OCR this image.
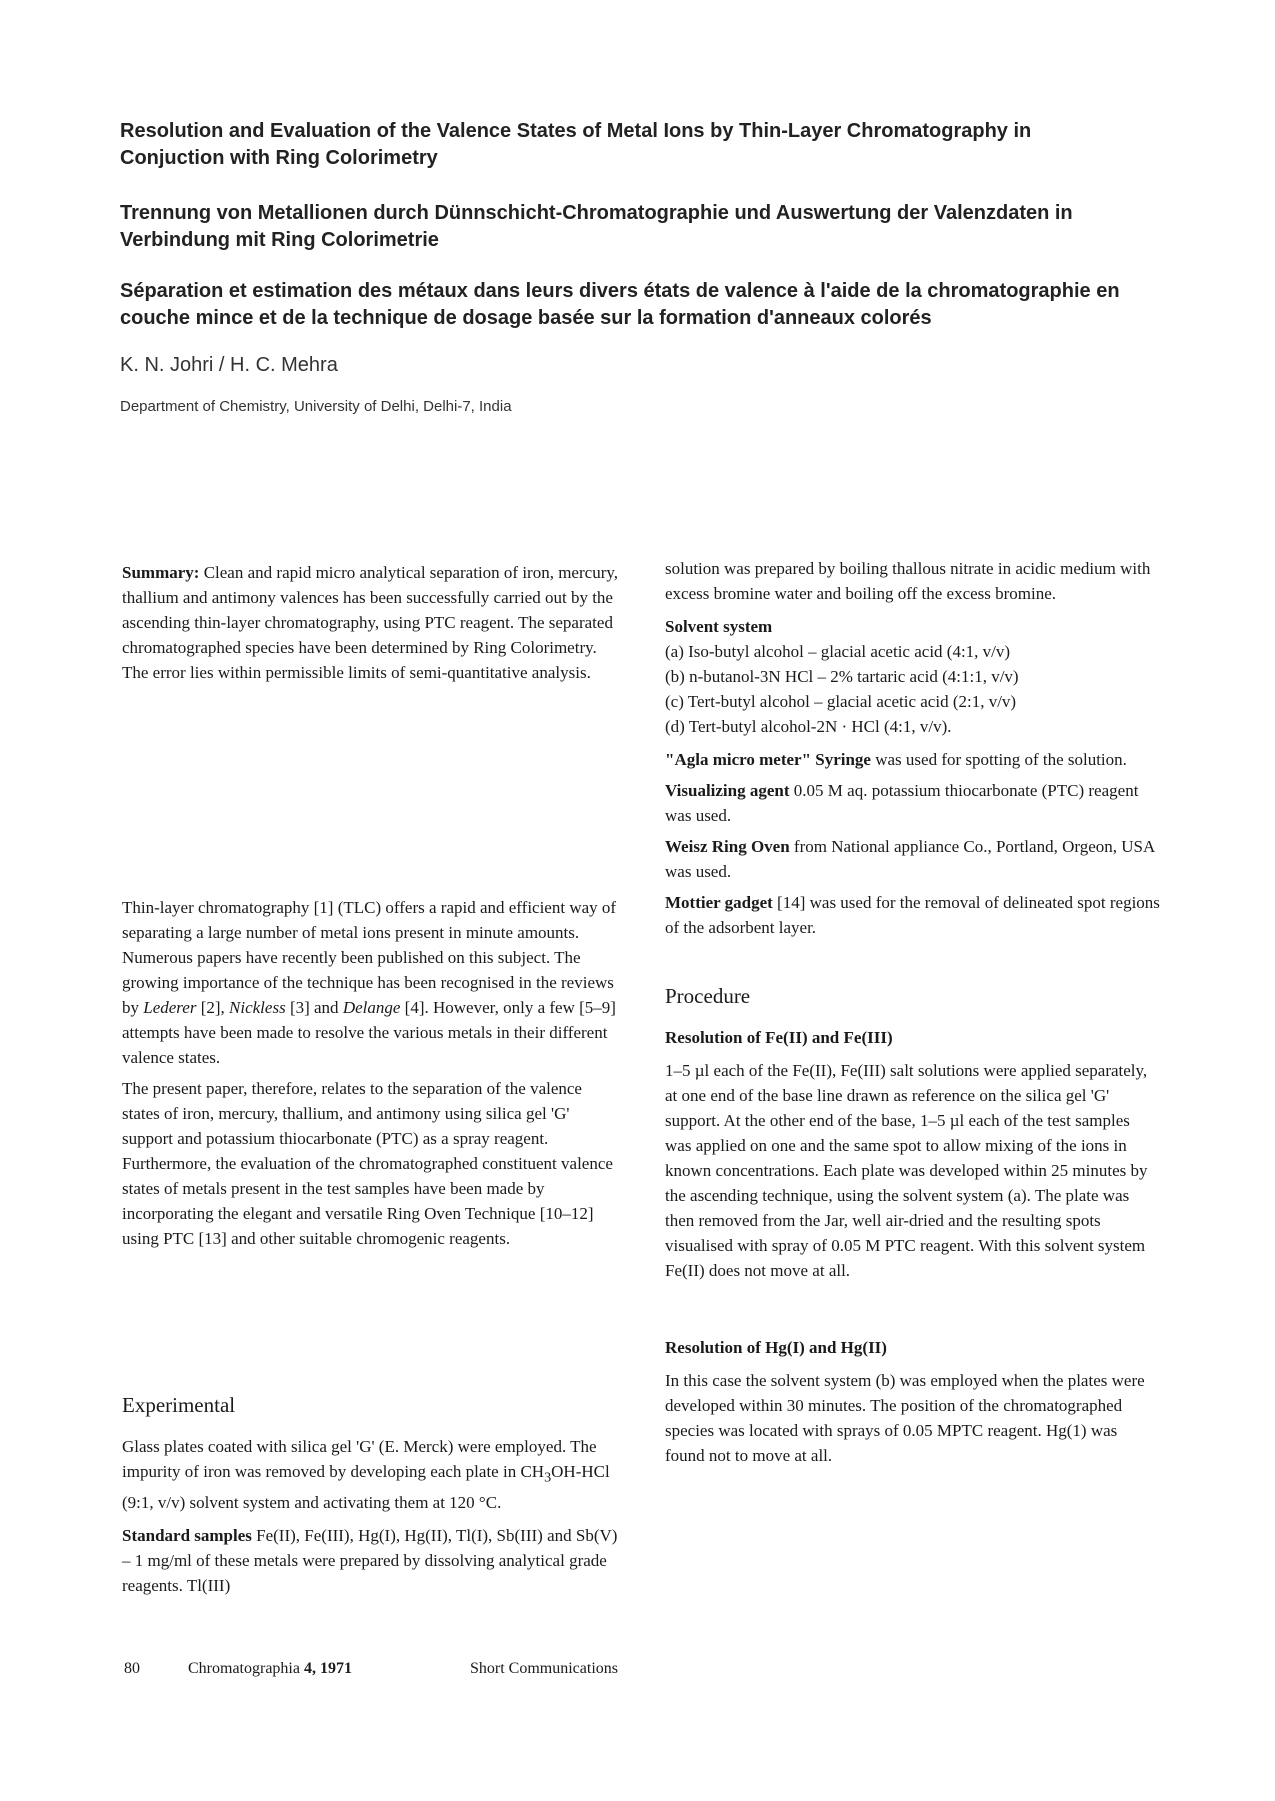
Resolution and Evaluation of the Valence States of Metal Ions by Thin-Layer Chromatography in Conjuction with Ring Colorimetry
Trennung von Metallionen durch Dünnschicht-Chromatographie und Auswertung der Valenzdaten in Verbindung mit Ring Colorimetrie
Séparation et estimation des métaux dans leurs divers états de valence à l'aide de la chromatographie en couche mince et de la technique de dosage basée sur la formation d'anneaux colorés
K. N. Johri / H. C. Mehra
Department of Chemistry, University of Delhi, Delhi-7, India

Summary: Clean and rapid micro analytical separation of iron, mercury, thallium and antimony valences has been successfully carried out by the ascending thin-layer chromatography, using PTC reagent. The separated chromatographed species have been determined by Ring Colorimetry. The error lies within permissible limits of semi-quantitative analysis.

Thin-layer chromatography [1] (TLC) offers a rapid and efficient way of separating a large number of metal ions present in minute amounts. Numerous papers have recently been published on this subject. The growing importance of the technique has been recognised in the reviews by Lederer [2], Nickless [3] and Delange [4]. However, only a few [5–9] attempts have been made to resolve the various metals in their different valence states.

The present paper, therefore, relates to the separation of the valence states of iron, mercury, thallium, and antimony using silica gel 'G' support and potassium thiocarbonate (PTC) as a spray reagent. Furthermore, the evaluation of the chromatographed constituent valence states of metals present in the test samples have been made by incorporating the elegant and versatile Ring Oven Technique [10–12] using PTC [13] and other suitable chromogenic reagents.

Experimental

Glass plates coated with silica gel 'G' (E. Merck) were employed. The impurity of iron was removed by developing each plate in $CH_3OH$-HCl (9:1, v/v) solvent system and activating them at 120 °C.

Standard samples Fe(II), Fe(III), Hg(I), Hg(II), Tl(I), Sb(III) and Sb(V) – 1 mg/ml of these metals were prepared by dissolving analytical grade reagents. Tl(III)

solution was prepared by boiling thallous nitrate in acidic medium with excess bromine water and boiling off the excess bromine.

Solvent system

(a) Iso-butyl alcohol – glacial acetic acid (4:1, v/v)
(b) n-butanol-3N HCl – 2% tartaric acid (4:1:1, v/v)
(c) Tert-butyl alcohol – glacial acetic acid (2:1, v/v)
(d) Tert-butyl alcohol-2N · HCl (4:1, v/v).

"Agla micro meter" Syringe was used for spotting of the solution.

Visualizing agent 0.05 M aq. potassium thiocarbonate (PTC) reagent was used.

Weisz Ring Oven from National appliance Co., Portland, Orgeon, USA was used.

Mottier gadget [14] was used for the removal of delineated spot regions of the adsorbent layer.

Procedure

Resolution of Fe(II) and Fe(III)

1–5 µl each of the Fe(II), Fe(III) salt solutions were applied separately, at one end of the base line drawn as reference on the silica gel 'G' support. At the other end of the base, 1–5 µl each of the test samples was applied on one and the same spot to allow mixing of the ions in known concentrations. Each plate was developed within 25 minutes by the ascending technique, using the solvent system (a). The plate was then removed from the Jar, well air-dried and the resulting spots visualised with spray of 0.05 M PTC reagent. With this solvent system Fe(II) does not move at all.

Resolution of Hg(I) and Hg(II)

In this case the solvent system (b) was employed when the plates were developed within 30 minutes. The position of the chromatographed species was located with sprays of 0.05 MPTC reagent. Hg(1) was found not to move at all.

80	Chromatographia 4, 1971	Short Communications
